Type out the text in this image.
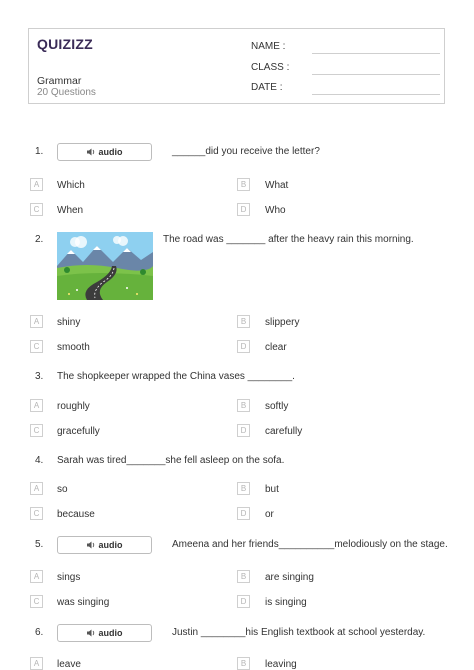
QUIZIZZ
Grammar
20 Questions
NAME :
CLASS :
DATE :
1.	audio	______did you receive the letter?
A	Which	B	What
C	When	D	Who
2.	The road was _______ after the heavy rain this morning.
A	shiny	B	slippery
C	smooth	D	clear
3. The shopkeeper wrapped the China vases ________.
A	roughly	B	softly
C	gracefully	D	carefully
4. Sarah was tired_______she fell asleep on the sofa.
A	so	B	but
C	because	D	or
5.	audio	Ameena and her friends__________melodiously on the stage.
A	sings	B	are singing
C	was singing	D	is singing
6.	audio	Justin ________his English textbook at school yesterday.
A	leave	B	leaving
